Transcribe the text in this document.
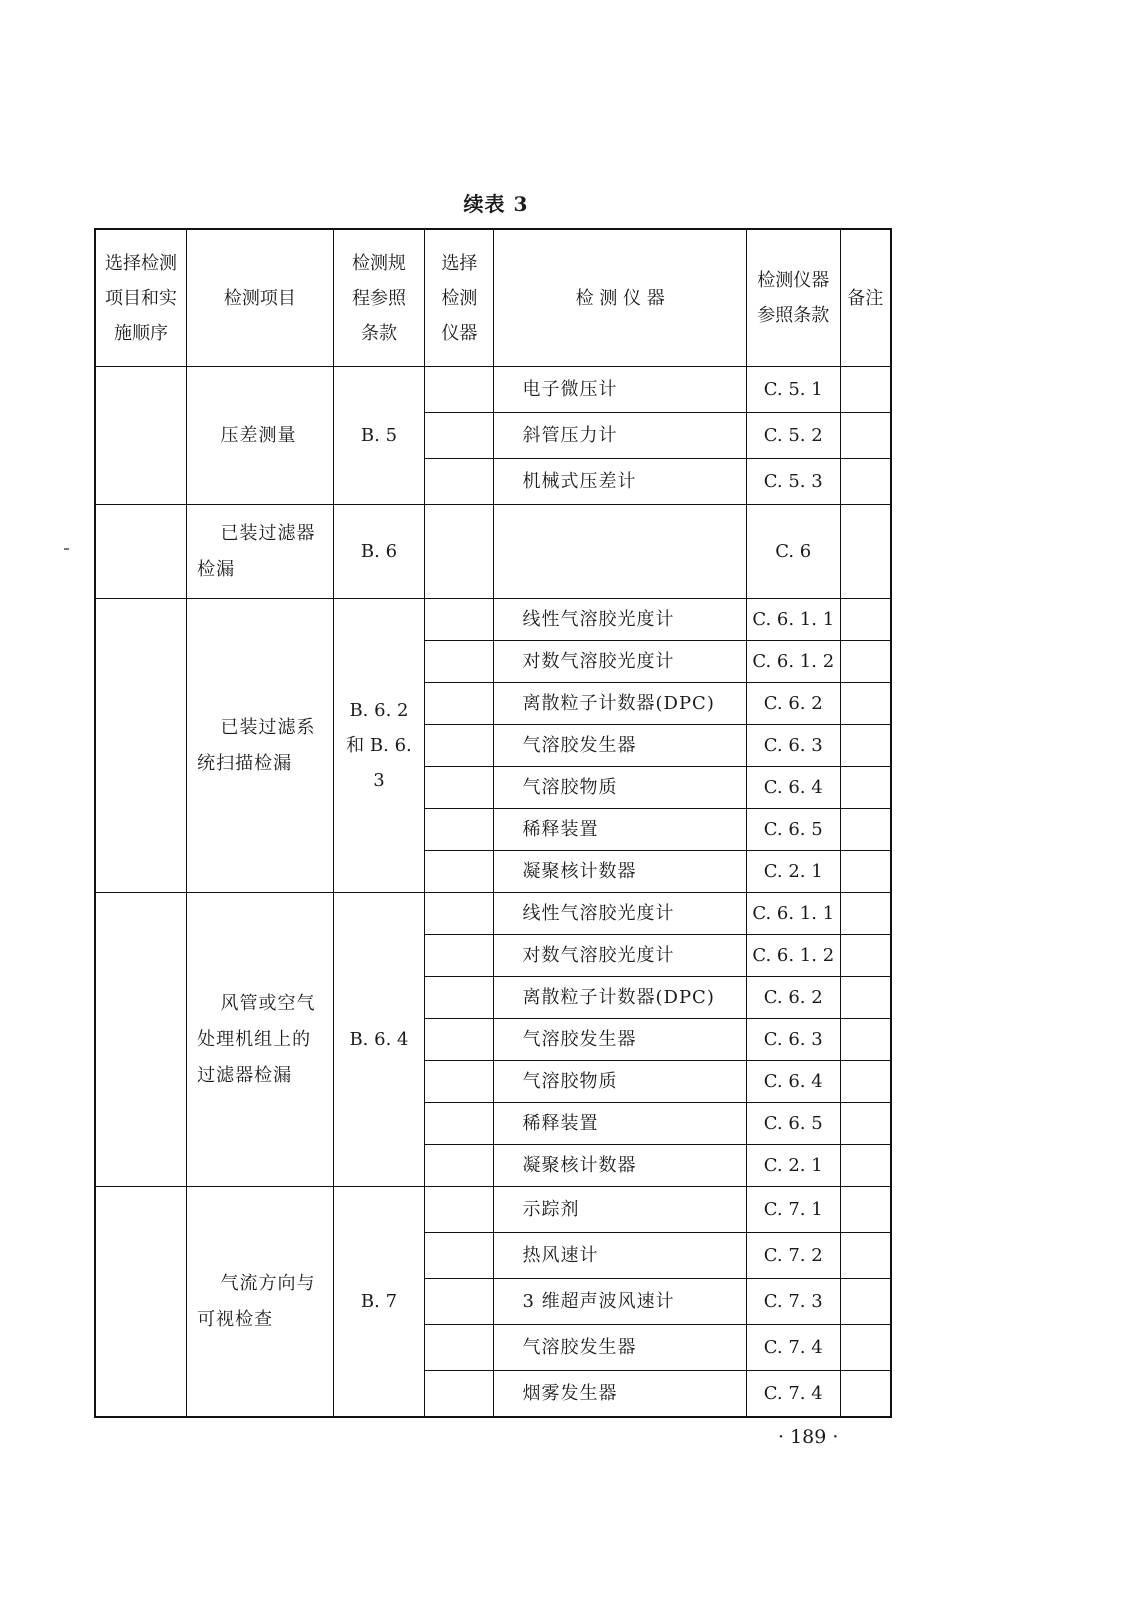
续表 3
选择检测项目和实施顺序	检测项目	检测规程参照条款	选择检测仪器	检 测 仪 器	检测仪器参照条款	备注

	压差测量	B. 5		电子微压计	C. 5. 1	
				斜管压力计	C. 5. 2	
				机械式压差计	C. 5. 3	

	已装过滤器检漏	B. 6			C. 6	

	已装过滤系统扫描检漏	B. 6. 2 和 B. 6. 3		线性气溶胶光度计	C. 6. 1. 1	
				对数气溶胶光度计	C. 6. 1. 2	
				离散粒子计数器(DPC)	C. 6. 2	
				气溶胶发生器	C. 6. 3	
				气溶胶物质	C. 6. 4	
				稀释装置	C. 6. 5	
				凝聚核计数器	C. 2. 1	

	风管或空气处理机组上的过滤器检漏	B. 6. 4		线性气溶胶光度计	C. 6. 1. 1	
				对数气溶胶光度计	C. 6. 1. 2	
				离散粒子计数器(DPC)	C. 6. 2	
				气溶胶发生器	C. 6. 3	
				气溶胶物质	C. 6. 4	
				稀释装置	C. 6. 5	
				凝聚核计数器	C. 2. 1	

	气流方向与可视检查	B. 7		示踪剂	C. 7. 1	
				热风速计	C. 7. 2	
				3 维超声波风速计	C. 7. 3	
				气溶胶发生器	C. 7. 4	
				烟雾发生器	C. 7. 4	
· 189 ·
